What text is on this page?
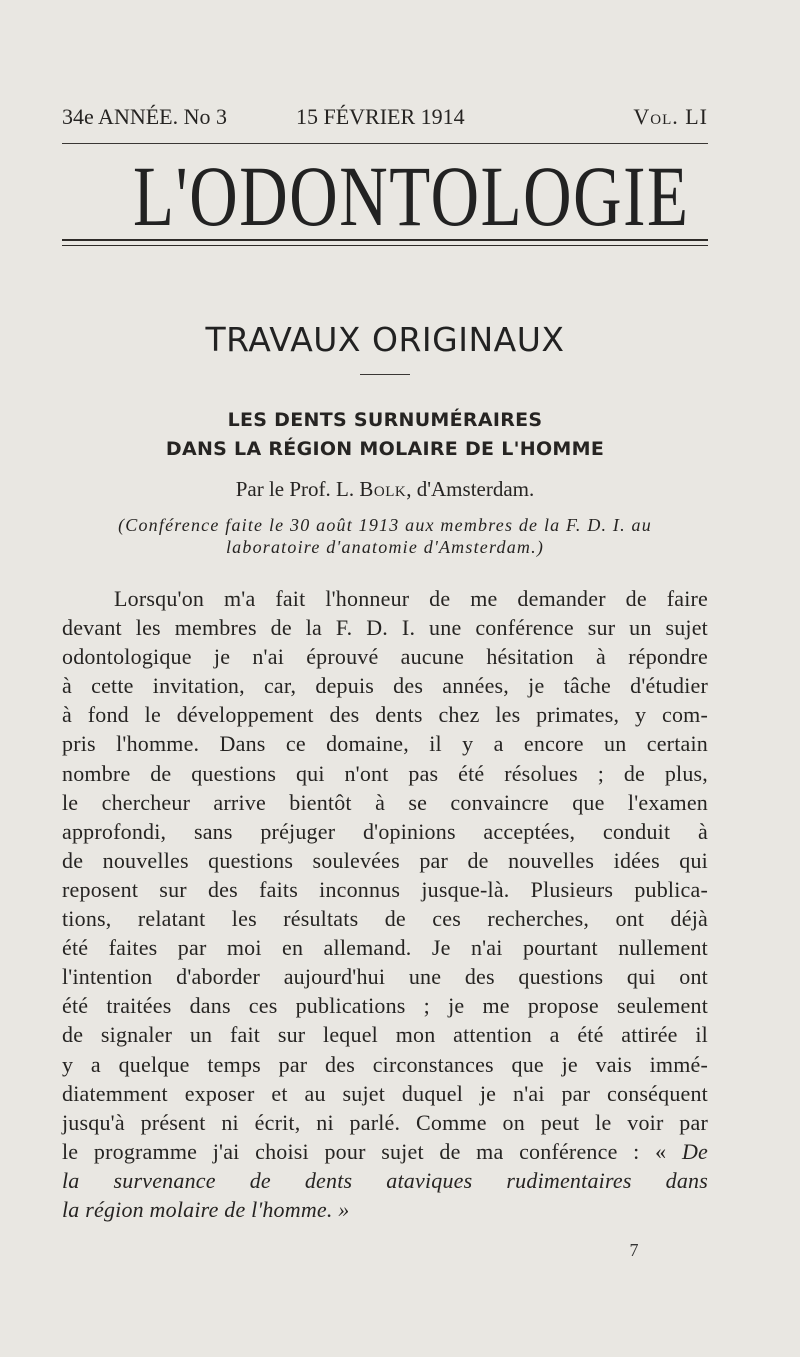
34e ANNÉE. No 3	15 FÉVRIER 1914	Vol. LI
L'ODONTOLOGIE
TRAVAUX ORIGINAUX
LES DENTS SURNUMÉRAIRES
DANS LA RÉGION MOLAIRE DE L'HOMME
Par le Prof. L. Bolk, d'Amsterdam.
(Conférence faite le 30 août 1913 aux membres de la F. D. I. au
laboratoire d'anatomie d'Amsterdam.)
Lorsqu'on m'a fait l'honneur de me demander de faire
devant les membres de la F. D. I. une conférence sur un sujet
odontologique je n'ai éprouvé aucune hésitation à répondre
à cette invitation, car, depuis des années, je tâche d'étudier
à fond le développement des dents chez les primates, y com-
pris l'homme. Dans ce domaine, il y a encore un certain
nombre de questions qui n'ont pas été résolues ; de plus,
le chercheur arrive bientôt à se convaincre que l'examen
approfondi, sans préjuger d'opinions acceptées, conduit à
de nouvelles questions soulevées par de nouvelles idées qui
reposent sur des faits inconnus jusque-là. Plusieurs publica-
tions, relatant les résultats de ces recherches, ont déjà
été faites par moi en allemand. Je n'ai pourtant nullement
l'intention d'aborder aujourd'hui une des questions qui ont
été traitées dans ces publications ; je me propose seulement
de signaler un fait sur lequel mon attention a été attirée il
y a quelque temps par des circonstances que je vais immé-
diatemment exposer et au sujet duquel je n'ai par conséquent
jusqu'à présent ni écrit, ni parlé. Comme on peut le voir par
le programme j'ai choisi pour sujet de ma conférence : « De
la survenance de dents ataviques rudimentaires dans
la région molaire de l'homme. »
7
